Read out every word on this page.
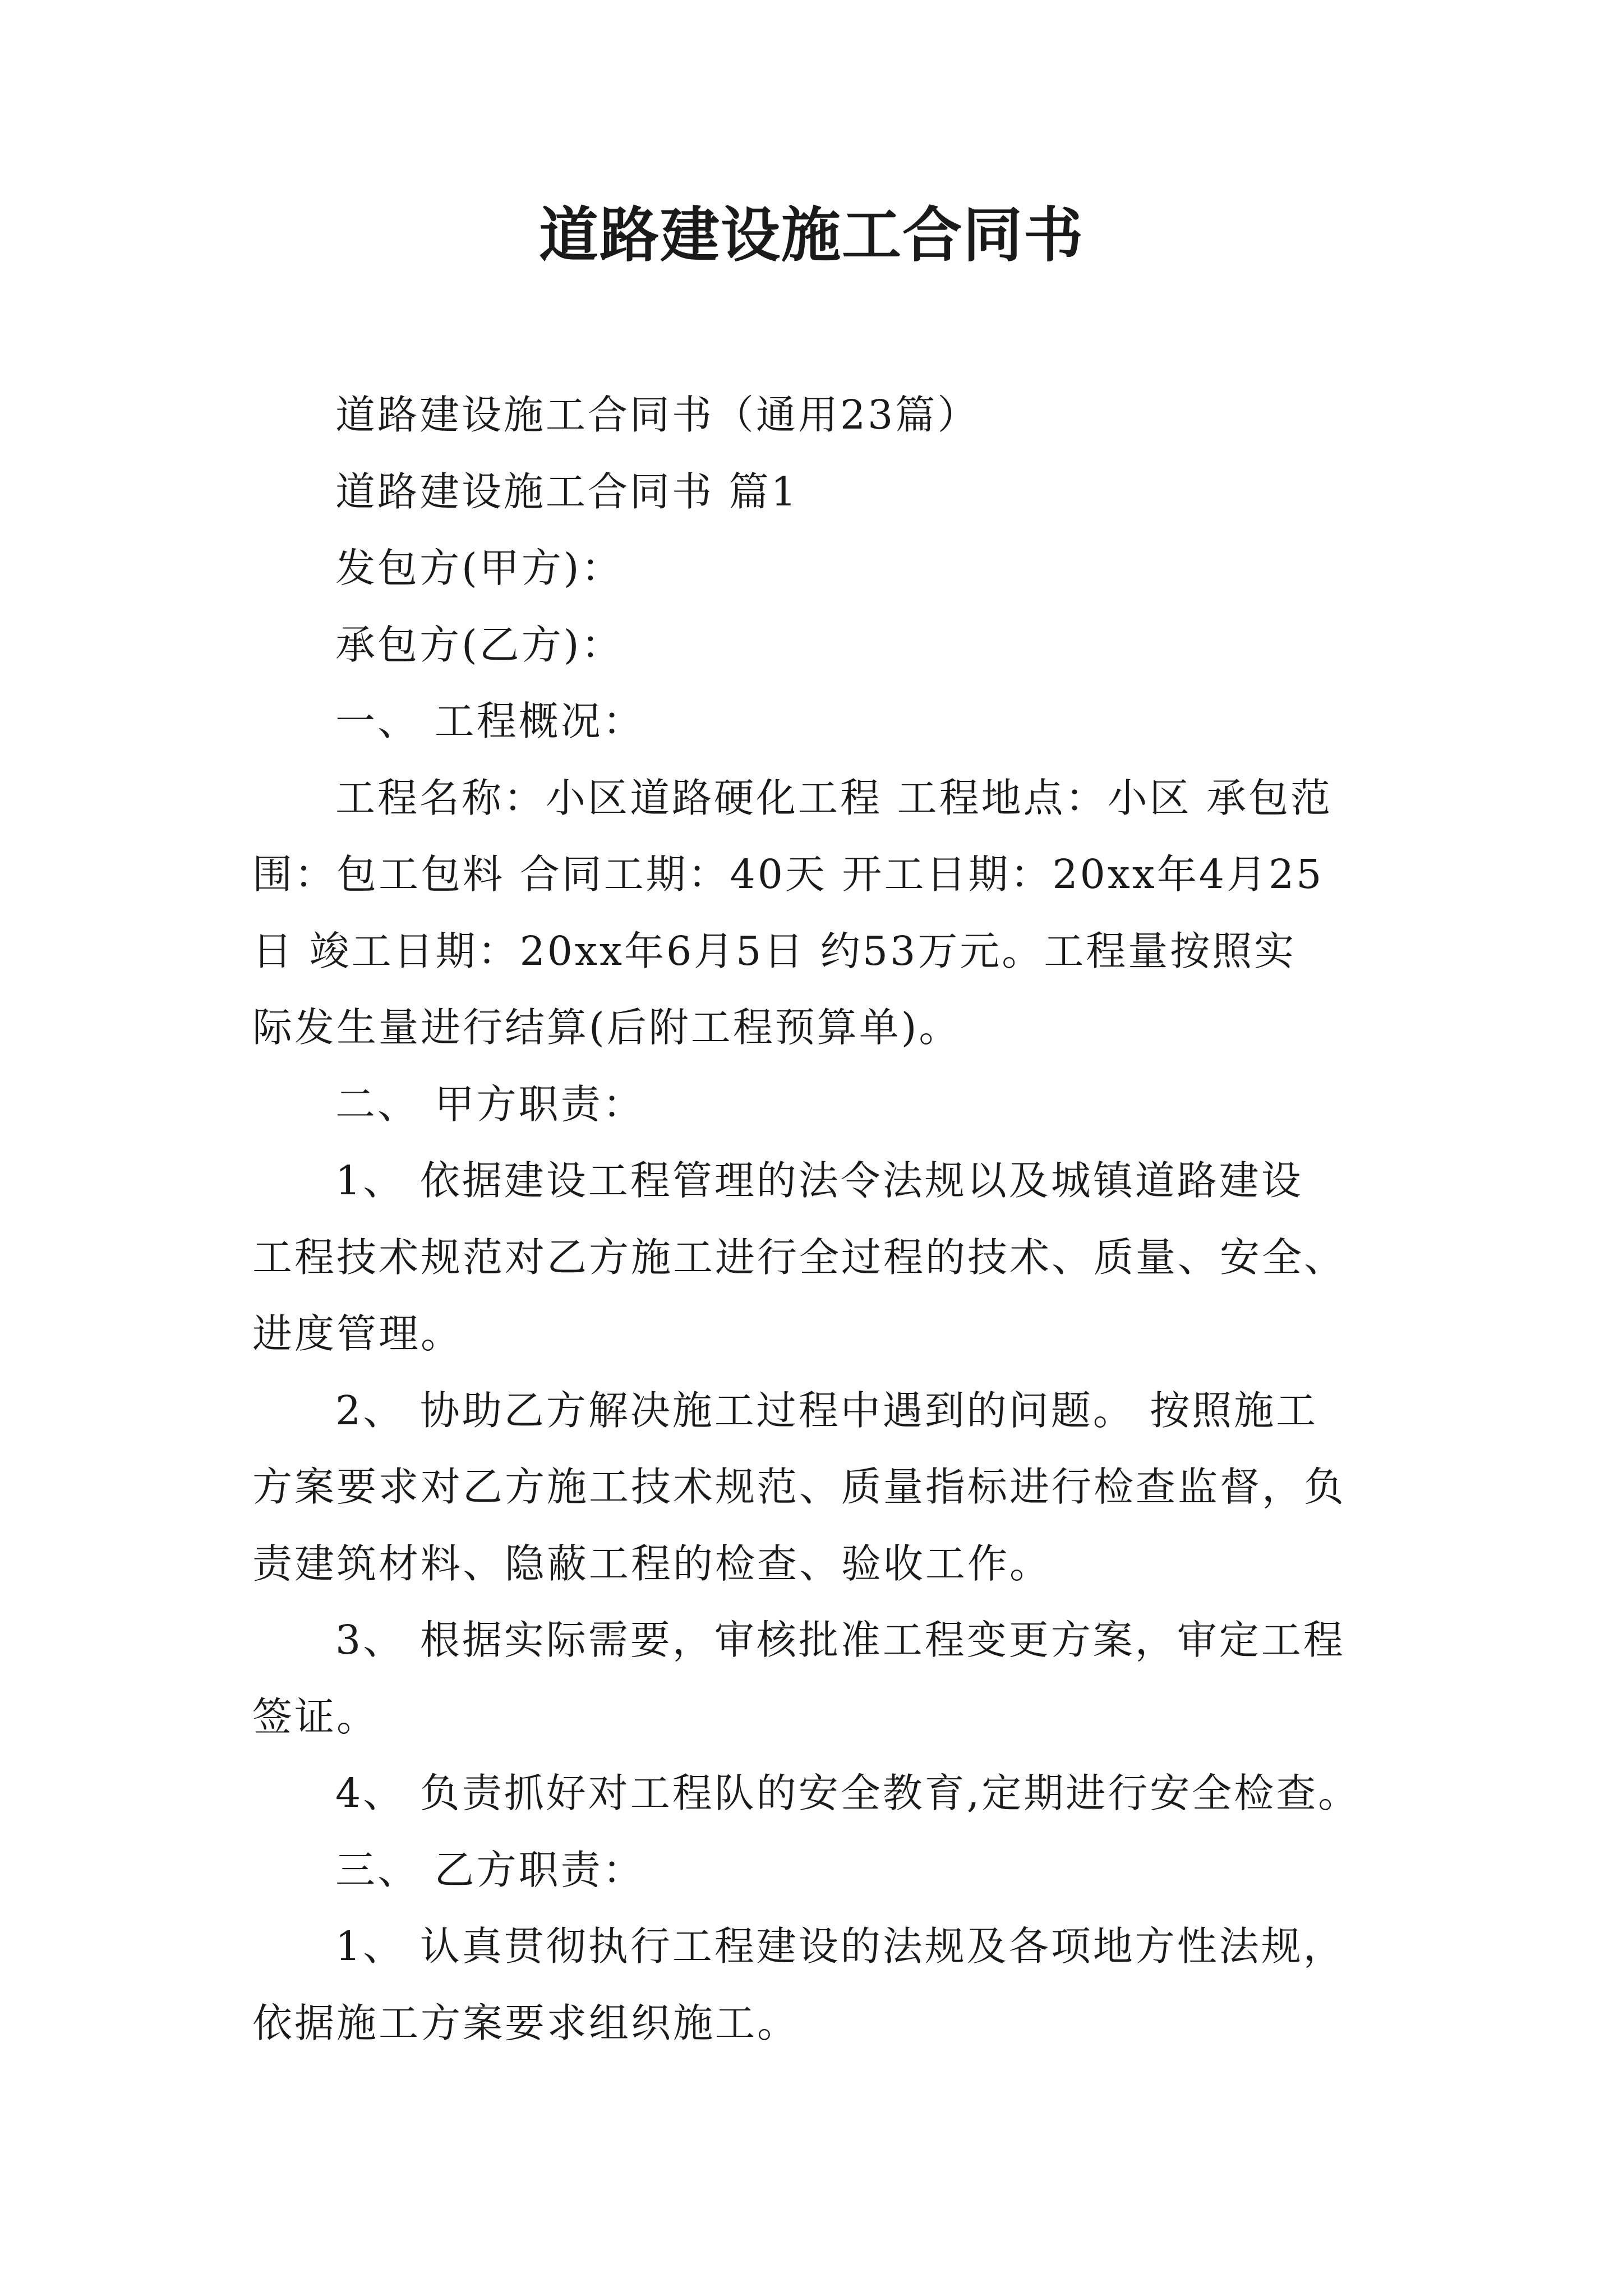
道路建设施工合同书

道路建设施工合同书（通用23篇）

道路建设施工合同书 篇1

发包方(甲方)：

承包方(乙方)：

一、 工程概况：

工程名称：小区道路硬化工程 工程地点：小区 承包范

围：包工包料 合同工期：40天 开工日期：20xx年4月25

日 竣工日期：20xx年6月5日 约53万元。工程量按照实

际发生量进行结算(后附工程预算单)。

二、 甲方职责：

1、 依据建设工程管理的法令法规以及城镇道路建设

工程技术规范对乙方施工进行全过程的技术、质量、安全、

进度管理。

2、 协助乙方解决施工过程中遇到的问题。 按照施工

方案要求对乙方施工技术规范、质量指标进行检查监督，负

责建筑材料、隐蔽工程的检查、验收工作。

3、 根据实际需要，审核批准工程变更方案，审定工程

签证。

4、 负责抓好对工程队的安全教育,定期进行安全检查。

三、 乙方职责：

1、 认真贯彻执行工程建设的法规及各项地方性法规，

依据施工方案要求组织施工。
